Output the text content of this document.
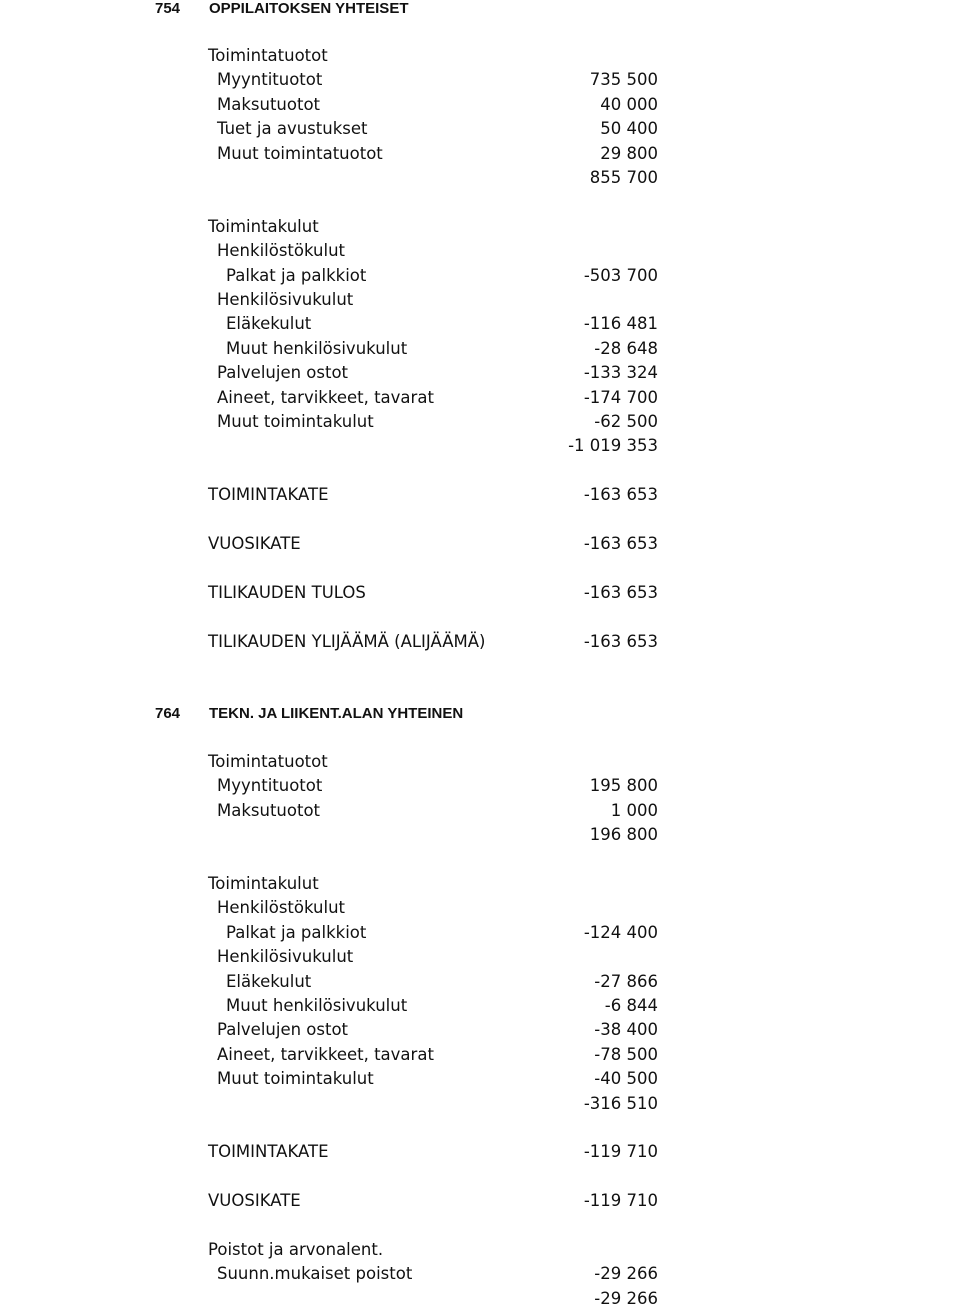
754 OPPILAITOKSEN YHTEISET
Toimintatuotot
Myyntituotot	735 500
Maksutuotot	40 000
Tuet ja avustukset	50 400
Muut toimintatuotot	29 800
855 700
Toimintakulut
Henkilöstökulut
Palkat ja palkkiot	-503 700
Henkilösivukulut
Eläkekulut	-116 481
Muut henkilösivukulut	-28 648
Palvelujen ostot	-133 324
Aineet, tarvikkeet, tavarat	-174 700
Muut toimintakulut	-62 500
-1 019 353
TOIMINTAKATE	-163 653
VUOSIKATE	-163 653
TILIKAUDEN TULOS	-163 653
TILIKAUDEN YLIJÄÄMÄ (ALIJÄÄMÄ)	-163 653
764 TEKN. JA LIIKENT.ALAN YHTEINEN
Toimintatuotot
Myyntituotot	195 800
Maksutuotot	1 000
196 800
Toimintakulut
Henkilöstökulut
Palkat ja palkkiot	-124 400
Henkilösivukulut
Eläkekulut	-27 866
Muut henkilösivukulut	-6 844
Palvelujen ostot	-38 400
Aineet, tarvikkeet, tavarat	-78 500
Muut toimintakulut	-40 500
-316 510
TOIMINTAKATE	-119 710
VUOSIKATE	-119 710
Poistot ja arvonalent.
Suunn.mukaiset poistot	-29 266
-29 266
